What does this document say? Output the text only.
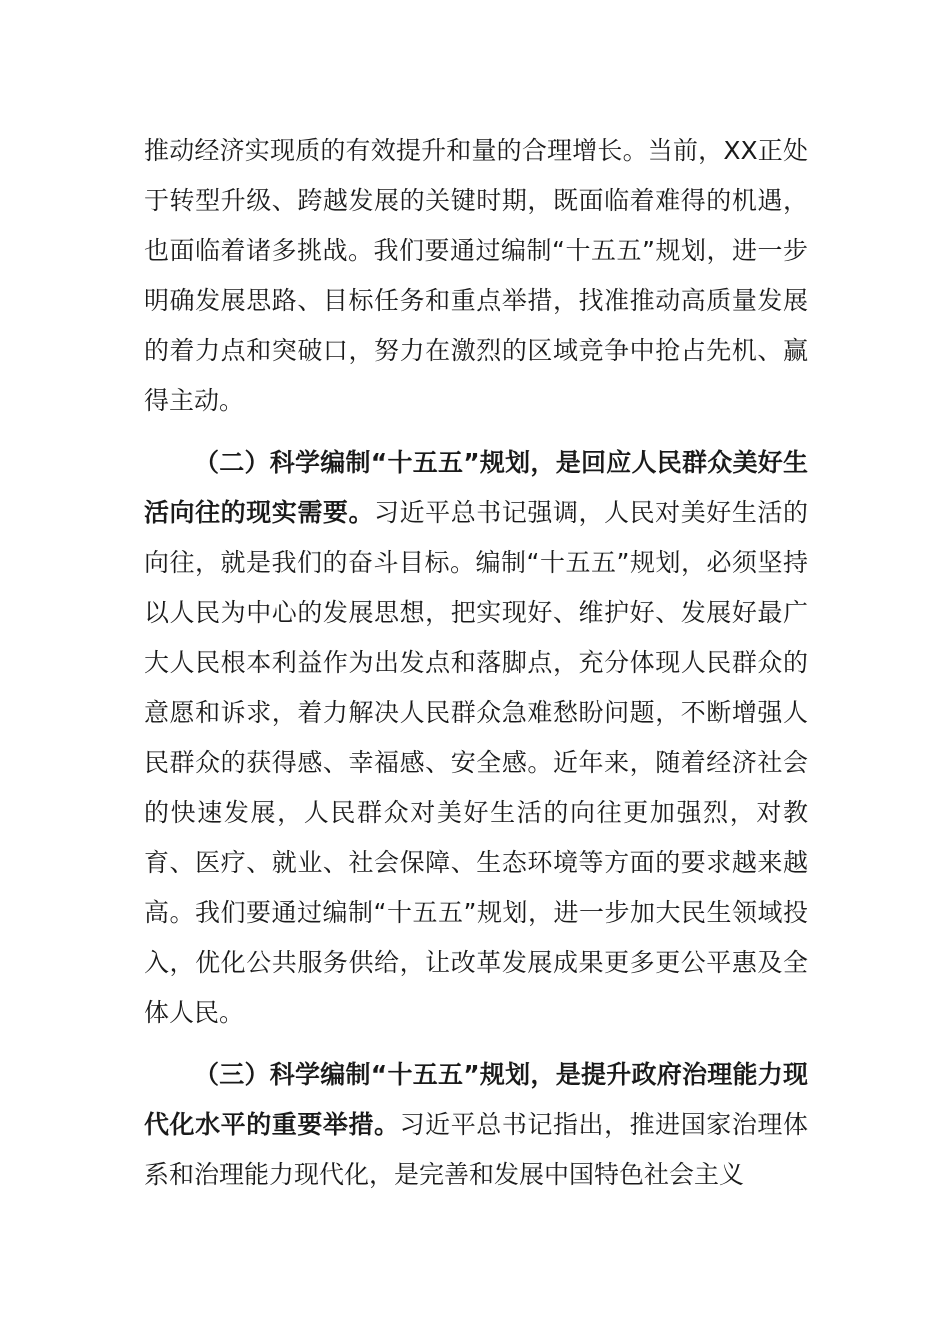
推动经济实现质的有效提升和量的合理增长。当前，XX正处于转型升级、跨越发展的关键时期，既面临着难得的机遇，也面临着诸多挑战。我们要通过编制“十五五”规划，进一步明确发展思路、目标任务和重点举措，找准推动高质量发展的着力点和突破口，努力在激烈的区域竞争中抢占先机、赢得主动。

（二）科学编制“十五五”规划，是回应人民群众美好生活向往的现实需要。习近平总书记强调，人民对美好生活的向往，就是我们的奋斗目标。编制“十五五”规划，必须坚持以人民为中心的发展思想，把实现好、维护好、发展好最广大人民根本利益作为出发点和落脚点，充分体现人民群众的意愿和诉求，着力解决人民群众急难愁盼问题，不断增强人民群众的获得感、幸福感、安全感。近年来，随着经济社会的快速发展，人民群众对美好生活的向往更加强烈，对教育、医疗、就业、社会保障、生态环境等方面的要求越来越高。我们要通过编制“十五五”规划，进一步加大民生领域投入，优化公共服务供给，让改革发展成果更多更公平惠及全体人民。

（三）科学编制“十五五”规划，是提升政府治理能力现代化水平的重要举措。习近平总书记指出，推进国家治理体系和治理能力现代化，是完善和发展中国特色社会主义
